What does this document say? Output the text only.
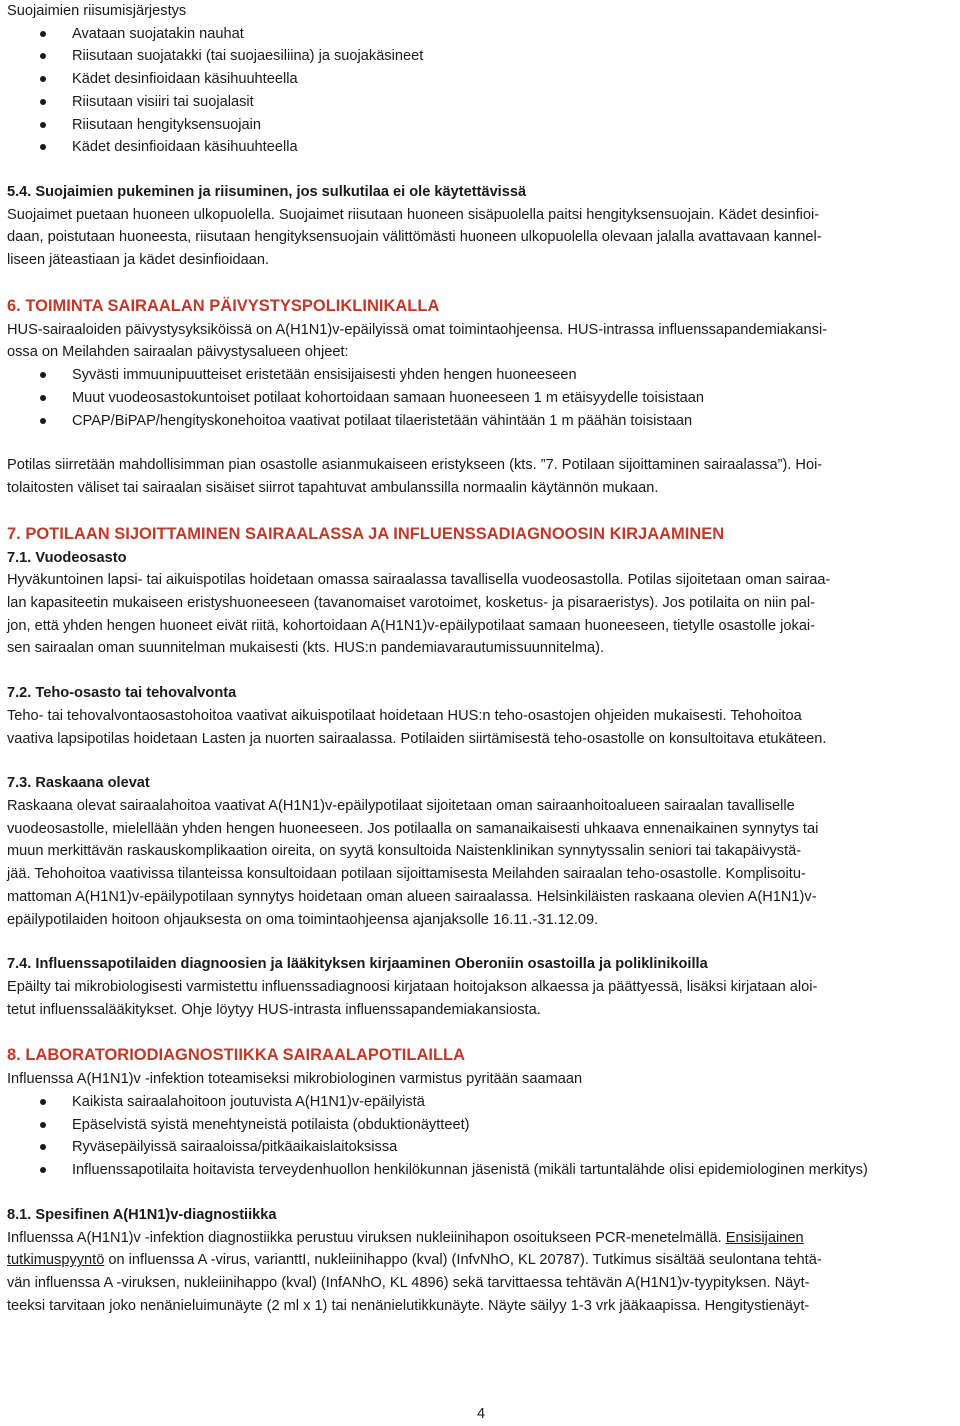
Suojaimien riisumisjärjestys

Avataan suojatakin nauhat
Riisutaan suojatakki (tai suojaesiliina) ja suojakäsineet
Kädet desinfioidaan käsihuuhteella
Riisutaan visiiri tai suojalasit
Riisutaan hengityksensuojain
Kädet desinfioidaan käsihuuhteella

5.4. Suojaimien pukeminen ja riisuminen, jos sulkutilaa ei ole käytettävissä

Suojaimet puetaan huoneen ulkopuolella. Suojaimet riisutaan huoneen sisäpuolella paitsi hengityksensuojain. Kädet desinfioi-

daan, poistutaan huoneesta, riisutaan hengityksensuojain välittömästi huoneen ulkopuolella olevaan jalalla avattavaan kannel-

liseen jäteastiaan ja kädet desinfioidaan.

6. TOIMINTA SAIRAALAN PÄIVYSTYSPOLIKLINIKALLA

HUS-sairaaloiden päivystysyksiköissä on A(H1N1)v-epäilyissä omat toimintaohjeensa. HUS-intrassa influenssapandemiakansi-

ossa on Meilahden sairaalan päivystysalueen ohjeet:

Syvästi immuunipuutteiset eristetään ensisijaisesti yhden hengen huoneeseen
Muut vuodeosastokuntoiset potilaat kohortoidaan samaan huoneeseen 1 m etäisyydelle toisistaan
CPAP/BiPAP/hengityskonehoitoa vaativat potilaat tilaeristetään vähintään 1 m päähän toisistaan

Potilas siirretään mahdollisimman pian osastolle asianmukaiseen eristykseen (kts. ”7. Potilaan sijoittaminen sairaalassa”). Hoi-

tolaitosten väliset tai sairaalan sisäiset siirrot tapahtuvat ambulanssilla normaalin käytännön mukaan.

7. POTILAAN SIJOITTAMINEN SAIRAALASSA JA INFLUENSSADIAGNOOSIN KIRJAAMINEN

7.1. Vuodeosasto

Hyväkuntoinen lapsi- tai aikuispotilas hoidetaan omassa sairaalassa tavallisella vuodeosastolla. Potilas sijoitetaan oman sairaa-

lan kapasiteetin mukaiseen eristyshuoneeseen (tavanomaiset varotoimet, kosketus- ja pisaraeristys). Jos potilaita on niin pal-

jon, että yhden hengen huoneet eivät riitä, kohortoidaan A(H1N1)v-epäilypotilaat samaan huoneeseen, tietylle osastolle jokai-

sen sairaalan oman suunnitelman mukaisesti (kts. HUS:n pandemiavarautumissuunnitelma).

7.2. Teho-osasto tai tehovalvonta

Teho- tai tehovalvontaosastohoitoa vaativat aikuispotilaat hoidetaan HUS:n teho-osastojen ohjeiden mukaisesti. Tehohoitoa

vaativa lapsipotilas hoidetaan Lasten ja nuorten sairaalassa. Potilaiden siirtämisestä teho-osastolle on konsultoitava etukäteen.

7.3. Raskaana olevat

Raskaana olevat sairaalahoitoa vaativat A(H1N1)v-epäilypotilaat sijoitetaan oman sairaanhoitoalueen sairaalan tavalliselle

vuodeosastolle, mielellään yhden hengen huoneeseen. Jos potilaalla on samanaikaisesti uhkaava ennenaikainen synnytys tai

muun merkittävän raskauskomplikaation oireita, on syytä konsultoida Naistenklinikan synnytyssalin seniori tai takapäivystä-

jää. Tehohoitoa vaativissa tilanteissa konsultoidaan potilaan sijoittamisesta Meilahden sairaalan teho-osastolle. Komplisoitu-

mattoman A(H1N1)v-epäilypotilaan synnytys hoidetaan oman alueen sairaalassa. Helsinkiläisten raskaana olevien A(H1N1)v-

epäilypotilaiden hoitoon ohjauksesta on oma toimintaohjeensa ajanjaksolle 16.11.-31.12.09.

7.4. Influenssapotilaiden diagnoosien ja lääkityksen kirjaaminen Oberoniin osastoilla ja poliklinikoilla

Epäilty tai mikrobiologisesti varmistettu influenssadiagnoosi kirjataan hoitojakson alkaessa ja päättyessä, lisäksi kirjataan aloi-

tetut influenssalääkitykset. Ohje löytyy HUS-intrasta influenssapandemiakansiosta.

8. LABORATORIODIAGNOSTIIKKA SAIRAALAPOTILAILLA

Influenssa A(H1N1)v -infektion toteamiseksi mikrobiologinen varmistus pyritään saamaan

Kaikista sairaalahoitoon joutuvista A(H1N1)v-epäilyistä
Epäselvistä syistä menehtyneistä potilaista (obduktionäytteet)
Ryväsepäilyissä sairaaloissa/pitkäaikaislaitoksissa
Influenssapotilaita hoitavista terveydenhuollon henkilökunnan jäsenistä (mikäli tartuntalähde olisi epidemiologinen merkitys)

8.1. Spesifinen A(H1N1)v-diagnostiikka

Influenssa A(H1N1)v -infektion diagnostiikka perustuu viruksen nukleiinihapon osoitukseen PCR-menetelmällä. Ensisijainen

tutkimuspyyntö on influenssa A -virus, varianttI, nukleiinihappo (kval) (InfvNhO, KL 20787). Tutkimus sisältää seulontana tehtä-

vän influenssa A -viruksen, nukleiinihappo (kval) (InfANhO, KL 4896) sekä tarvittaessa tehtävän A(H1N1)v-tyypityksen. Näyt-

teeksi tarvitaan joko nenänieluimunäyte (2 ml x 1) tai nenänielutikkunäyte. Näyte säilyy 1-3 vrk jääkaapissa. Hengitystienäyt-

4
